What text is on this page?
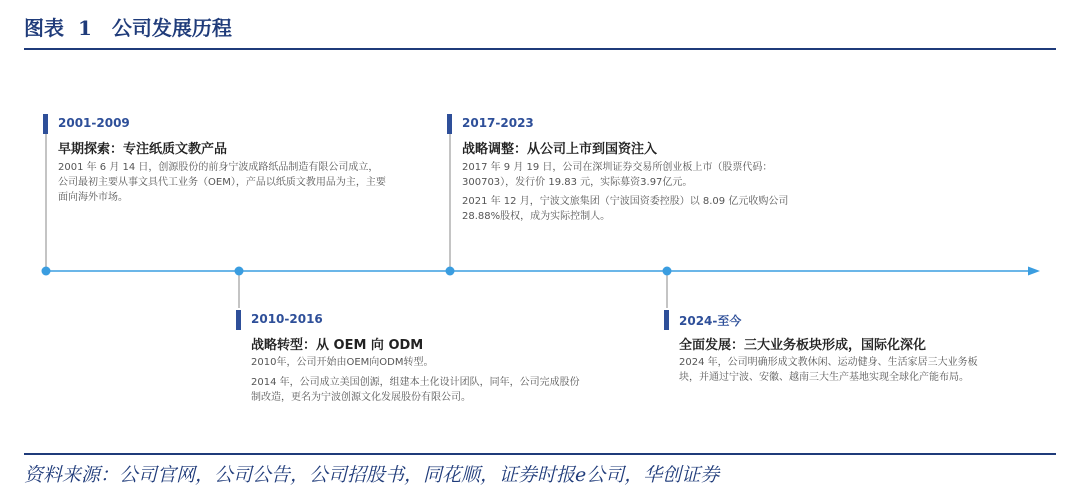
图表 1 公司发展历程
2001-2009
早期探索：专注纸质文教产品
2001 年 6 月 14 日，创源股份的前身宁波成路纸品制造有限公司成立，公司最初主要从事文具代工业务（OEM），产品以纸质文教用品为主，主要面向海外市场。
2010-2016
战略转型：从 OEM 向 ODM
2010年，公司开始由OEM向ODM转型。
2014 年，公司成立美国创源，组建本土化设计团队，同年，公司完成股份制改造，更名为宁波创源文化发展股份有限公司。
2017-2023
战略调整：从公司上市到国资注入
2017 年 9 月 19 日，公司在深圳证券交易所创业板上市（股票代码：300703），发行价 19.83 元，实际募资3.97亿元。
2021 年 12 月，宁波文旅集团（宁波国资委控股）以 8.09 亿元收购公司 28.88%股权，成为实际控制人。
2024-至今
全面发展：三大业务板块形成，国际化深化
2024 年，公司明确形成文教休闲、运动健身、生活家居三大业务板块，并通过宁波、安徽、越南三大生产基地实现全球化产能布局。
资料来源：公司官网，公司公告，公司招股书，同花顺，证券时报e公司，华创证券
